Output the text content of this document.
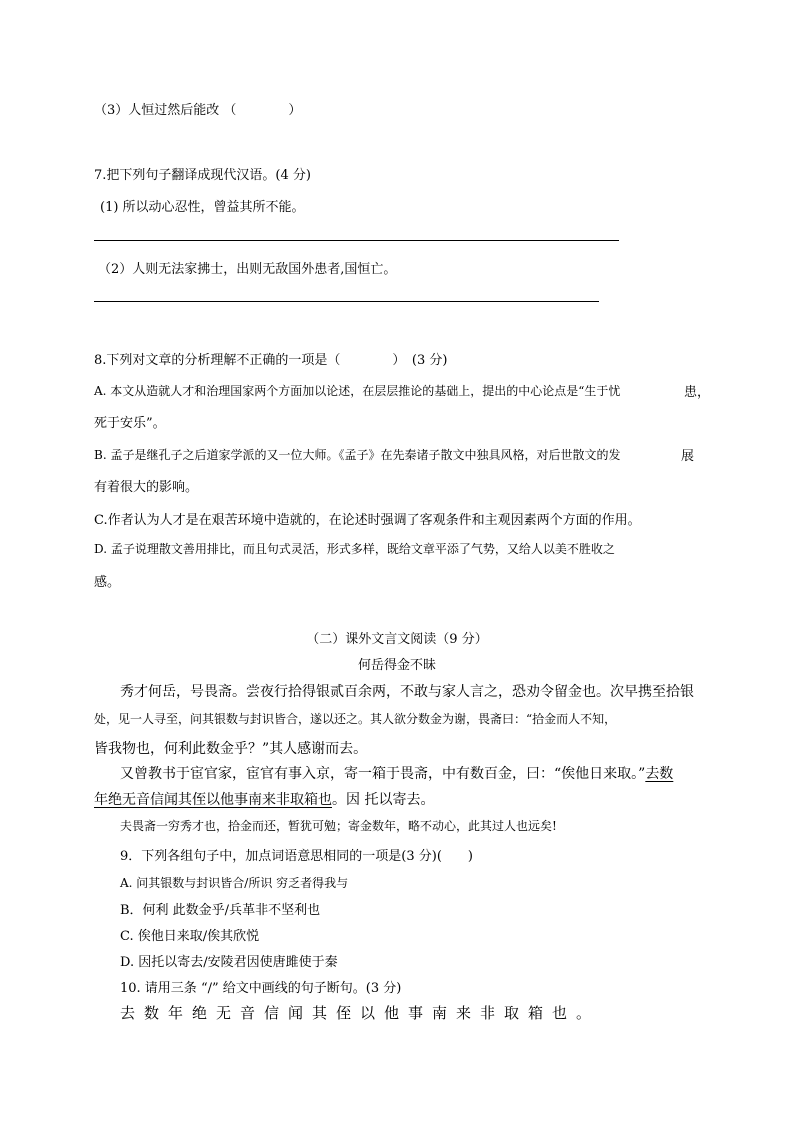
（3）人恒过然后能改 （　　　　）
7.把下列句子翻译成现代汉语。(4 分)
(1) 所以动心忍性，曾益其所不能。
（2）人则无法家拂士，出则无敌国外患者,国恒亡。
8.下列对文章的分析理解不正确的一项是（　　　　）　(3 分)
A. 本文从造就人才和治理国家两个方面加以论述，在层层推论的基础上，提出的中心论点是“生于忧	患，
死于安乐”。
B. 孟子是继孔子之后道家学派的又一位大师。《孟子》在先秦诸子散文中独具风格，对后世散文的发	展
有着很大的影响。
C.作者认为人才是在艰苦环境中造就的，在论述时强调了客观条件和主观因素两个方面的作用。
D. 孟子说理散文善用排比，而且句式灵活，形式多样，既给文章平添了气势，又给人以美不胜收之
感。
（二）课外文言文阅读（9 分）
何岳得金不昧
秀才何岳，号畏斋。尝夜行拾得银贰百余两，不敢与家人言之，恐劝令留金也。次早携至拾银
处，见一人寻至，问其银数与封识皆合，遂以还之。其人欲分数金为谢，畏斋曰：“拾金而人不知，
皆我物也，何利此数金乎？”其人感谢而去。
又曾教书于宦官家，宦官有事入京，寄一箱于畏斋，中有数百金，曰：“俟他日来取。”去数
年绝无音信闻其侄以他事南来非取箱也。因 托以寄去。
夫畏斋一穷秀才也，拾金而还，暂犹可勉；寄金数年，略不动心，此其过人也远矣!
9．下列各组句子中，加点词语意思相同的一项是(3 分)(　　)
A. 问其银数与封识皆合/所识 穷乏者得我与
B．何利 此数金乎/兵革非不坚利也
C. 俟他日来取/俟其欣悦
D. 因托以寄去/安陵君因使唐雎使于秦
10. 请用三条 “/” 给文中画线的句子断句。(3 分)
去数年绝无音信闻其侄以他事南来非取箱也。
